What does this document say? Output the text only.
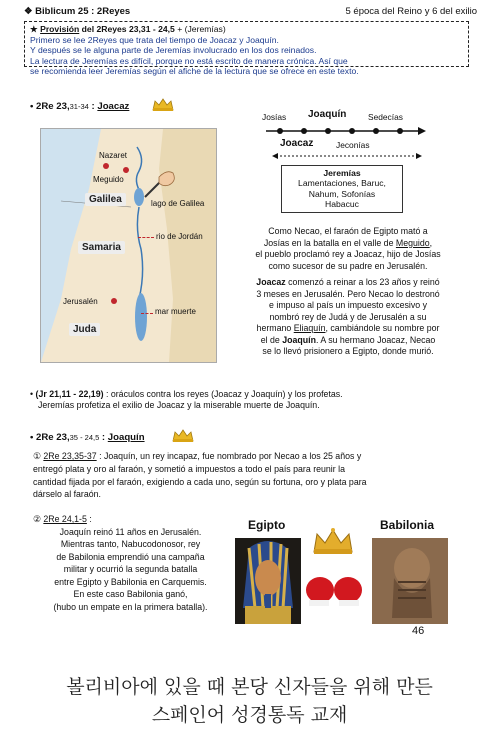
❖ Biblicum 25 : 2Reyes	5 época del Reino y 6 del exilio
★ Provisión del 2Reyes 23,31 - 24,5 + (Jeremías)
Primero se lee 2Reyes que trata del tiempo de Joacaz y Joaquín.
Y después se le alguna parte de Jeremías involucrado en los dos reinados.
La lectura de Jeremías es difícil, porque no está escrito de manera crónica. Así que
se recomienda leer Jeremías según el afiche de la lectura que se ofrece en este texto.
• 2Re 23,31-34 : Joacaz
Nazaret
Meguido
Galilea	lago de Galilea
Samaria
rio de Jordán
Jerusalén
mar muerte
Juda
Josías Joaquín	Sedecías
Joacaz	Jeconías
Jeremías
Lamentaciones, Baruc,
Nahum, Sofonías
Habacuc
Como Necao, el faraón de Egipto mató a
Josías en la batalla en el valle de Meguido,
el pueblo proclamó rey a Joacaz, hijo de Josías
como sucesor de su padre en Jerusalén.
Joacaz comenzó a reinar a los 23 años y reinó
3 meses en Jerusalén. Pero Necao lo destronó
e impuso al país un impuesto excesivo y
nombró rey de Judá y de Jerusalén a su
hermano Eliaquín, cambiándole su nombre por
el de Joaquín. A su hermano Joacaz, Necao
se lo llevó prisionero a Egipto, donde murió.
• (Jr 21,11 - 22,19) : oráculos contra los reyes (Joacaz y Joaquín) y los profetas.
Jeremías profetiza el exilio de Joacaz y la miserable muerte de Joaquín.
• 2Re 23,35 - 24,5 : Joaquín
① 2Re 23,35-37 : Joaquín, un rey incapaz, fue nombrado por Necao a los 25 años y
entregó plata y oro al faraón, y sometió a impuestos a todo el país para reunir la
cantidad fijada por el faraón, exigiendo a cada uno, según su fortuna, oro y plata para
dárselo al faraón.
② 2Re 24,1-5 :
Joaquín reinó 11 años en Jerusalén.
Mientras tanto, Nabucodonosor, rey
de Babilonia emprendió una campaña
militar y ocurrió la segunda batalla
entre Egipto y Babilonia en Carquemis.
En este caso Babilonia ganó,
(hubo un empate en la primera batalla).
Egipto	Babilonia
46
볼리비아에 있을 때 본당 신자들을 위해 만든
스페인어 성경통독 교재
